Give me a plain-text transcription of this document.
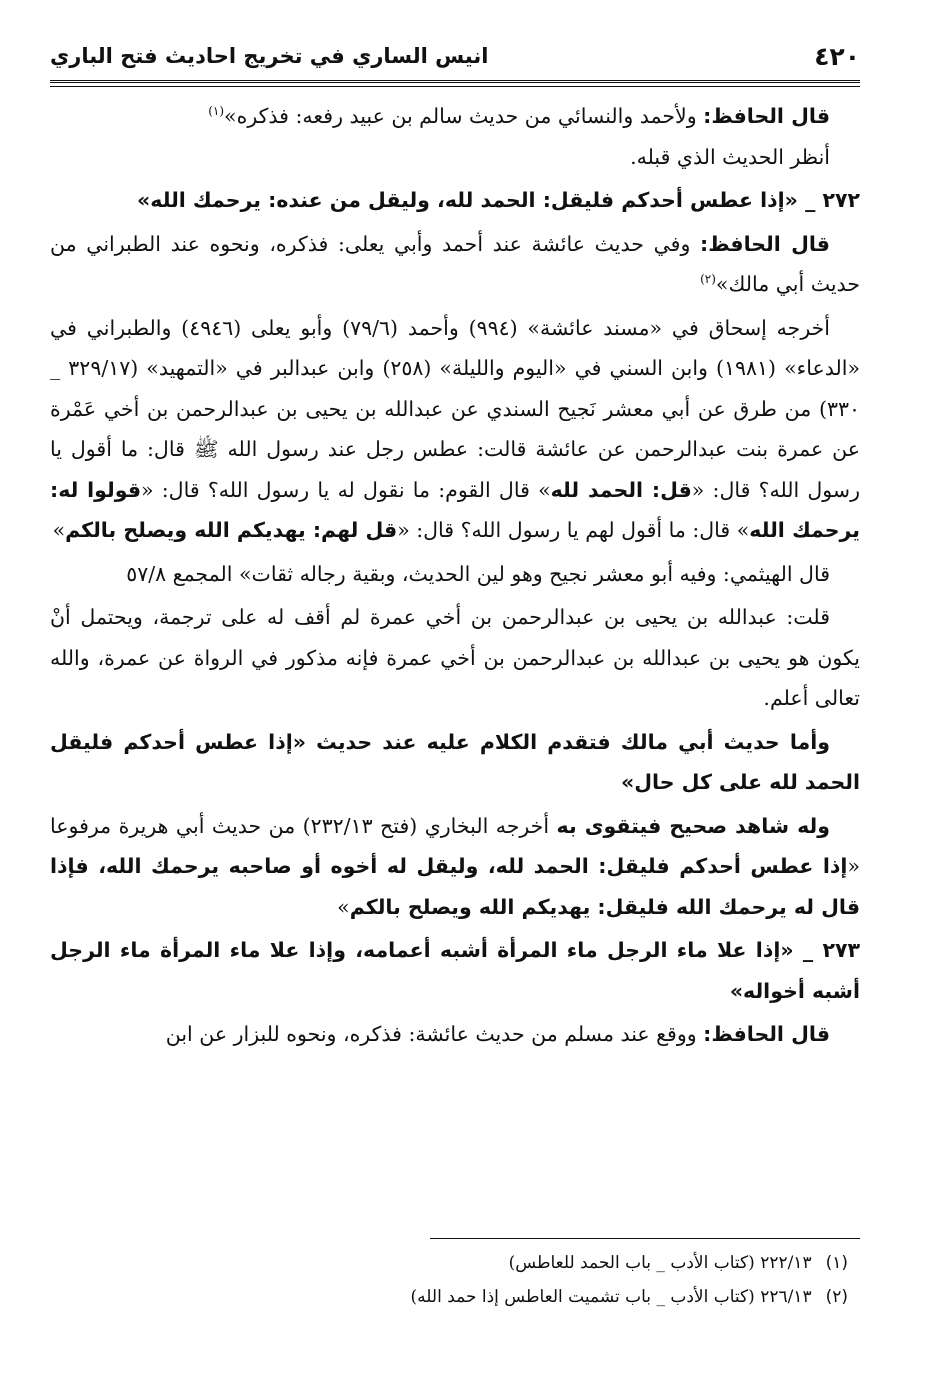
٤٢٠
انيس الساري في تخريج احاديث فتح الباري

قال الحافظ: ولأحمد والنسائي من حديث سالم بن عبيد رفعه: فذكره»$^{(١)}$

أنظر الحديث الذي قبله.

٢٧٢ _ «إذا عطس أحدكم فليقل: الحمد لله، وليقل من عنده: يرحمك الله»

قال الحافظ: وفي حديث عائشة عند أحمد وأبي يعلى: فذكره، ونحوه عند الطبراني من حديث أبي مالك»$^{(٢)}$

أخرجه إسحاق في «مسند عائشة» (٩٩٤) وأحمد (٧٩/٦) وأبو يعلى (٤٩٤٦) والطبراني في «الدعاء» (١٩٨١) وابن السني في «اليوم والليلة» (٢٥٨) وابن عبدالبر في «التمهيد» (٣٢٩/١٧ _ ٣٣٠) من طرق عن أبي معشر نَجيح السندي عن عبدالله بن يحيى بن عبدالرحمن بن أخي عَمْرة عن عمرة بنت عبدالرحمن عن عائشة قالت: عطس رجل عند رسول الله ﷺ قال: ما أقول يا رسول الله؟ قال: «قل: الحمد لله» قال القوم: ما نقول له يا رسول الله؟ قال: «قولوا له: يرحمك الله» قال: ما أقول لهم يا رسول الله؟ قال: «قل لهم: يهديكم الله ويصلح بالكم»

قال الهيثمي: وفيه أبو معشر نجيح وهو لين الحديث، وبقية رجاله ثقات» المجمع ٥٧/٨

قلت: عبدالله بن يحيى بن عبدالرحمن بن أخي عمرة لم أقف له على ترجمة، ويحتمل أنْ يكون هو يحيى بن عبدالله بن عبدالرحمن بن أخي عمرة فإنه مذكور في الرواة عن عمرة، والله تعالى أعلم.

وأما حديث أبي مالك فتقدم الكلام عليه عند حديث «إذا عطس أحدكم فليقل الحمد لله على كل حال»

وله شاهد صحيح فيتقوى به أخرجه البخاري (فتح ٢٣٢/١٣) من حديث أبي هريرة مرفوعا «إذا عطس أحدكم فليقل: الحمد لله، وليقل له أخوه أو صاحبه يرحمك الله، فإذا قال له يرحمك الله فليقل: يهديكم الله ويصلح بالكم»

٢٧٣ _ «إذا علا ماء الرجل ماء المرأة أشبه أعمامه، وإذا علا ماء المرأة ماء الرجل أشبه أخواله»

قال الحافظ: ووقع عند مسلم من حديث عائشة: فذكره، ونحوه للبزار عن ابن

(١)
٢٢٢/١٣ (كتاب الأدب _ باب الحمد للعاطس)
(٢)
٢٢٦/١٣ (كتاب الأدب _ باب تشميت العاطس إذا حمد الله)
